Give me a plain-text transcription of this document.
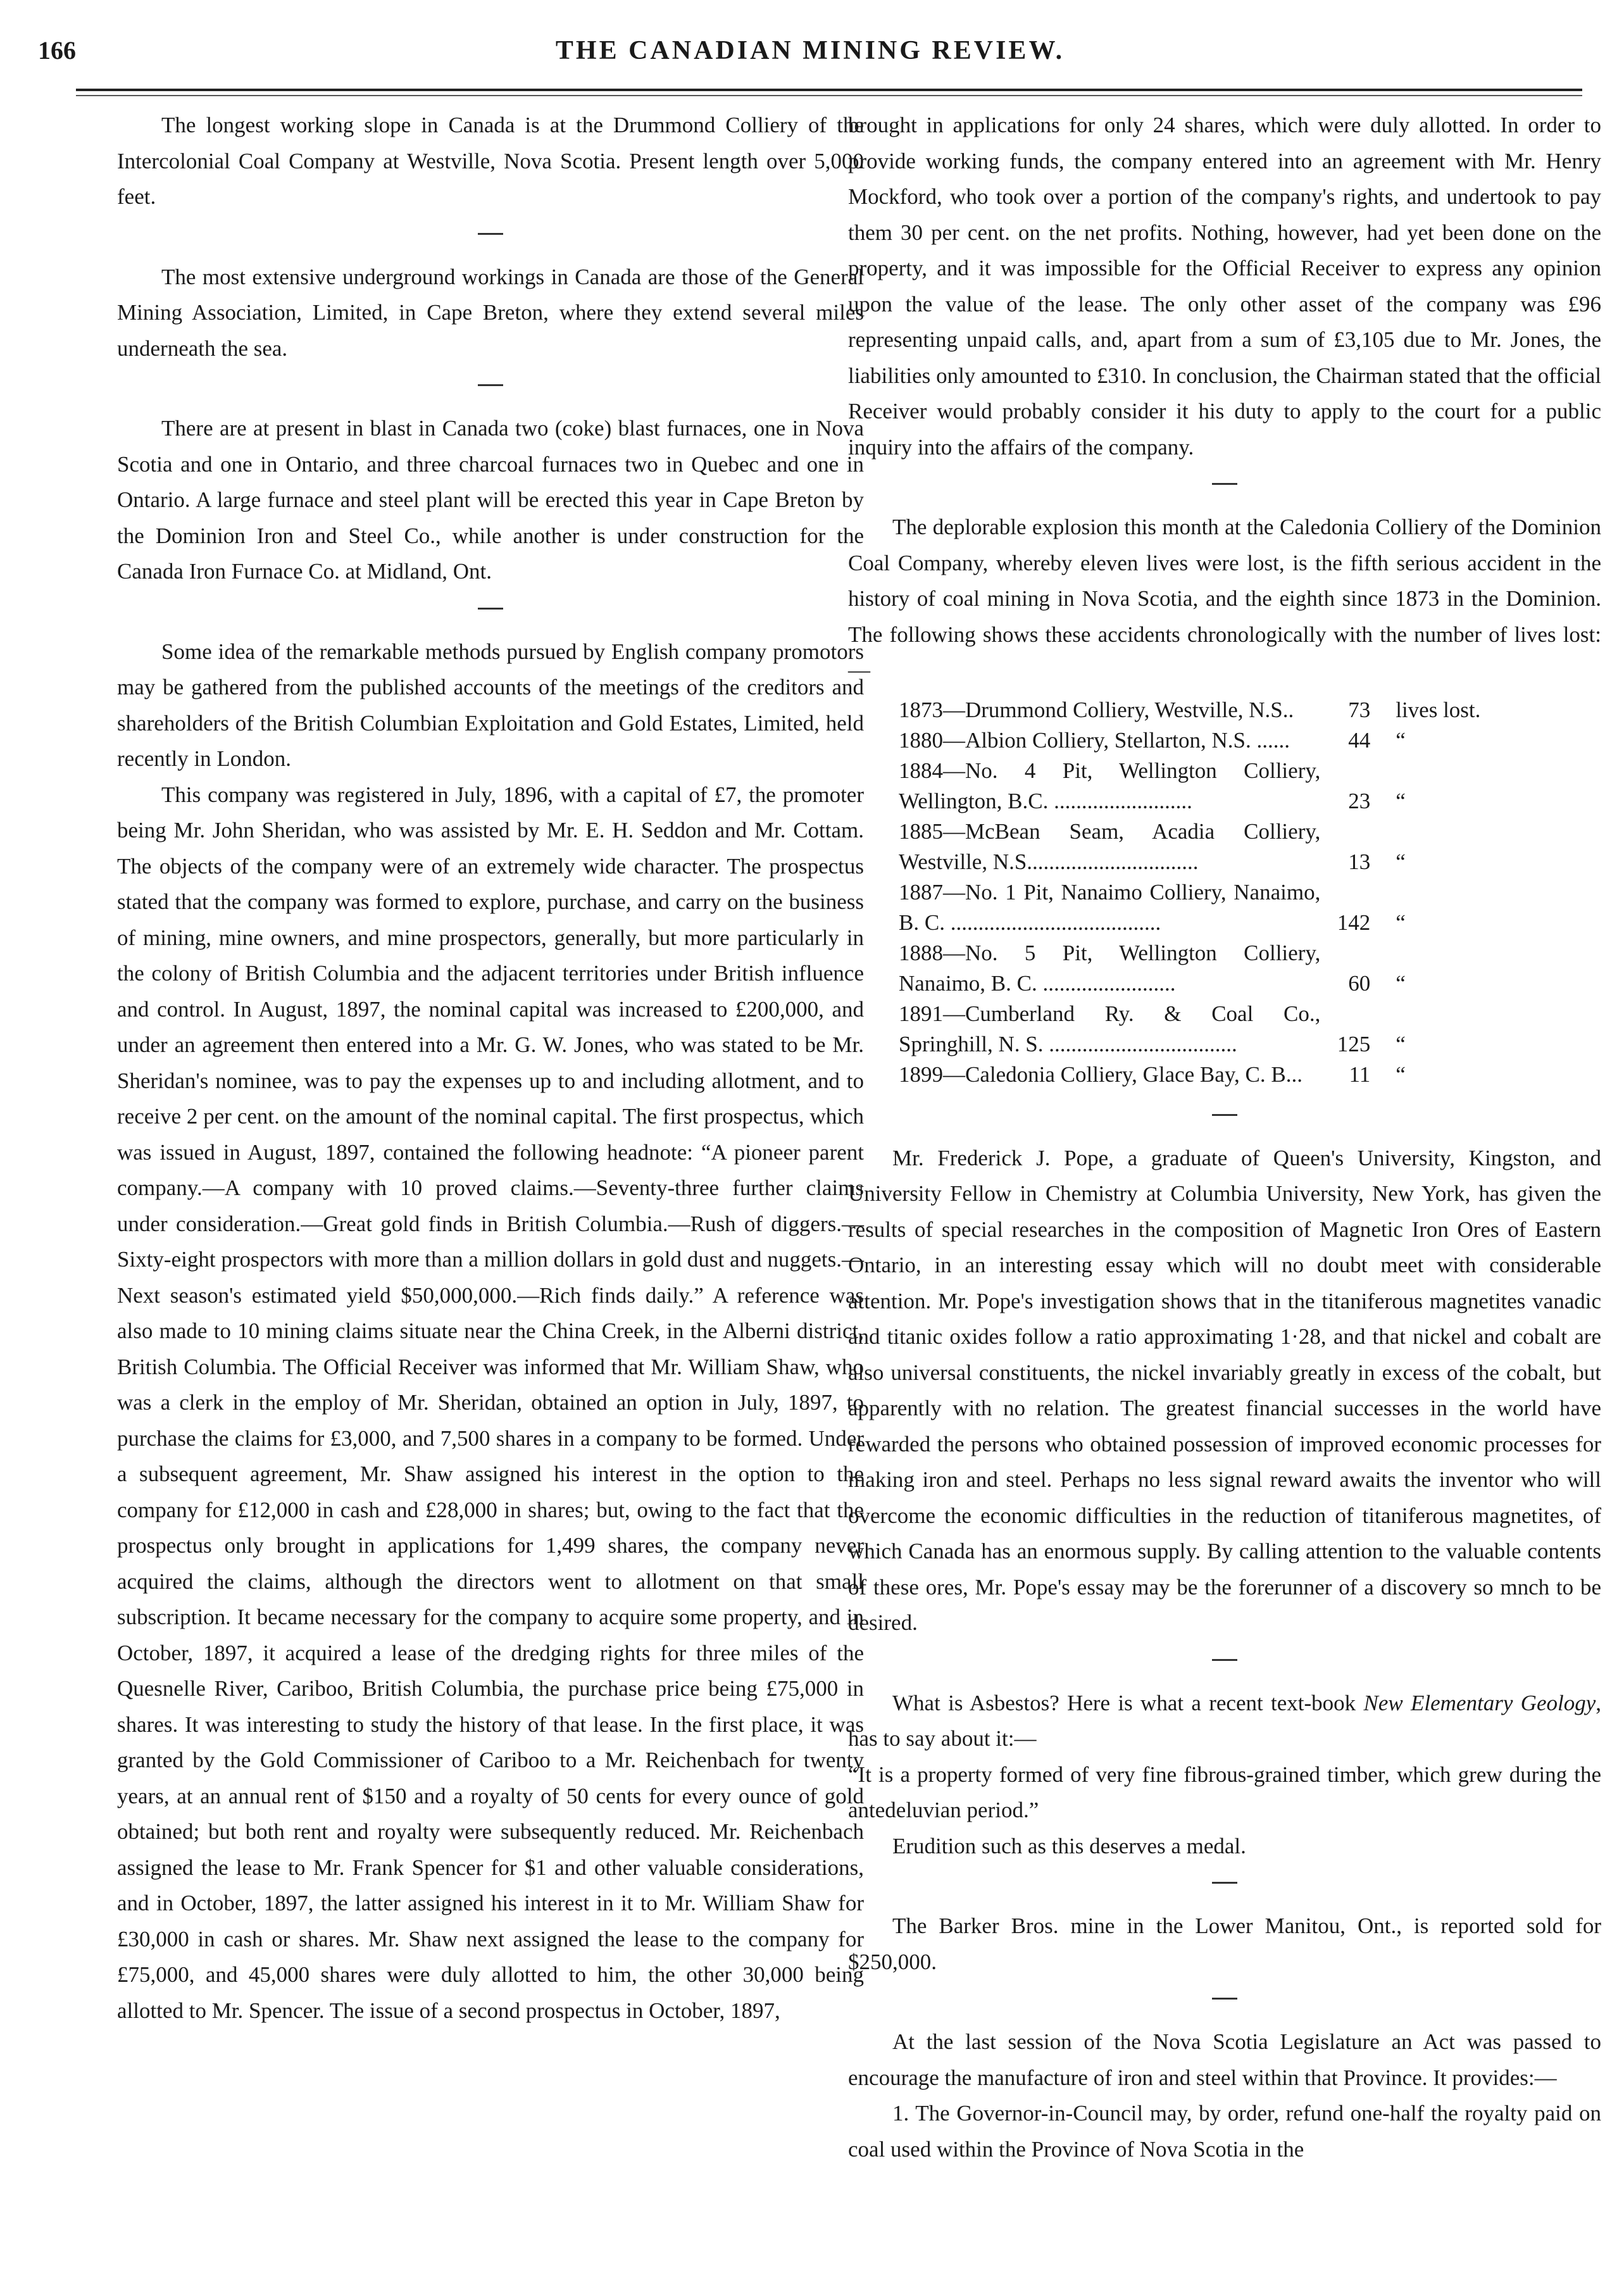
166	THE CANADIAN MINING REVIEW.

The longest working slope in Canada is at the Drummond Colliery of the Intercolonial Coal Company at Westville, Nova Scotia. Present length over 5,000 feet.

The most extensive underground workings in Canada are those of the General Mining Association, Limited, in Cape Breton, where they extend several miles underneath the sea.

There are at present in blast in Canada two (coke) blast furnaces, one in Nova Scotia and one in Ontario, and three charcoal furnaces two in Quebec and one in Ontario. A large furnace and steel plant will be erected this year in Cape Breton by the Dominion Iron and Steel Co., while another is under construction for the Canada Iron Furnace Co. at Midland, Ont.

Some idea of the remarkable methods pursued by English company promotors may be gathered from the published accounts of the meetings of the creditors and shareholders of the British Columbian Exploitation and Gold Estates, Limited, held recently in London.

This company was registered in July, 1896, with a capital of £7, the promoter being Mr. John Sheridan, who was assisted by Mr. E. H. Seddon and Mr. Cottam. The objects of the company were of an extremely wide character. The prospectus stated that the company was formed to explore, purchase, and carry on the business of mining, mine owners, and mine prospectors, generally, but more particularly in the colony of British Columbia and the adjacent territories under British influence and control. In August, 1897, the nominal capital was increased to £200,000, and under an agreement then entered into a Mr. G. W. Jones, who was stated to be Mr. Sheridan's nominee, was to pay the expenses up to and including allotment, and to receive 2 per cent. on the amount of the nominal capital. The first prospectus, which was issued in August, 1897, contained the following headnote: “A pioneer parent company.—A company with 10 proved claims.—Seventy-three further claims under consideration.—Great gold finds in British Columbia.—Rush of diggers.—Sixty-eight prospectors with more than a million dollars in gold dust and nuggets.—Next season's estimated yield $50,000,000.—Rich finds daily.” A reference was also made to 10 mining claims situate near the China Creek, in the Alberni district, British Columbia. The Official Receiver was informed that Mr. William Shaw, who was a clerk in the employ of Mr. Sheridan, obtained an option in July, 1897, to purchase the claims for £3,000, and 7,500 shares in a company to be formed. Under a subsequent agreement, Mr. Shaw assigned his interest in the option to the company for £12,000 in cash and £28,000 in shares; but, owing to the fact that the prospectus only brought in applications for 1,499 shares, the company never acquired the claims, although the directors went to allotment on that small subscription. It became necessary for the company to acquire some property, and in October, 1897, it acquired a lease of the dredging rights for three miles of the Quesnelle River, Cariboo, British Columbia, the purchase price being £75,000 in shares. It was interesting to study the history of that lease. In the first place, it was granted by the Gold Commissioner of Cariboo to a Mr. Reichenbach for twenty years, at an annual rent of $150 and a royalty of 50 cents for every ounce of gold obtained; but both rent and royalty were subsequently reduced. Mr. Reichenbach assigned the lease to Mr. Frank Spencer for $1 and other valuable considerations, and in October, 1897, the latter assigned his interest in it to Mr. William Shaw for £30,000 in cash or shares. Mr. Shaw next assigned the lease to the company for £75,000, and 45,000 shares were duly allotted to him, the other 30,000 being allotted to Mr. Spencer. The issue of a second prospectus in October, 1897,

brought in applications for only 24 shares, which were duly allotted. In order to provide working funds, the company entered into an agreement with Mr. Henry Mockford, who took over a portion of the company's rights, and undertook to pay them 30 per cent. on the net profits. Nothing, however, had yet been done on the property, and it was impossible for the Official Receiver to express any opinion upon the value of the lease. The only other asset of the company was £96 representing unpaid calls, and, apart from a sum of £3,105 due to Mr. Jones, the liabilities only amounted to £310. In conclusion, the Chairman stated that the official Receiver would probably consider it his duty to apply to the court for a public inquiry into the affairs of the company.

The deplorable explosion this month at the Caledonia Colliery of the Dominion Coal Company, whereby eleven lives were lost, is the fifth serious accident in the history of coal mining in Nova Scotia, and the eighth since 1873 in the Dominion. The following shows these accidents chronologically with the number of lives lost:—

1873—Drummond Colliery, Westville, N.S..	73	lives lost.
1880—Albion Colliery, Stellarton, N.S. ......	44	“
1884—No. 4 Pit, Wellington Colliery, Wellington, B.C. .........................	23	“
1885—McBean Seam, Acadia Colliery, Westville, N.S...............................	13	“
1887—No. 1 Pit, Nanaimo Colliery, Nanaimo, B. C. ......................................	142	“
1888—No. 5 Pit, Wellington Colliery, Nanaimo, B. C. ........................	60	“
1891—Cumberland Ry. & Coal Co., Springhill, N. S. ..................................	125	“
1899—Caledonia Colliery, Glace Bay, C. B...	11	“

Mr. Frederick J. Pope, a graduate of Queen's University, Kingston, and University Fellow in Chemistry at Columbia University, New York, has given the results of special researches in the composition of Magnetic Iron Ores of Eastern Ontario, in an interesting essay which will no doubt meet with considerable attention. Mr. Pope's investigation shows that in the titaniferous magnetites vanadic and titanic oxides follow a ratio approximating 1·28, and that nickel and cobalt are also universal constituents, the nickel invariably greatly in excess of the cobalt, but apparently with no relation. The greatest financial successes in the world have rewarded the persons who obtained possession of improved economic processes for making iron and steel. Perhaps no less signal reward awaits the inventor who will overcome the economic difficulties in the reduction of titaniferous magnetites, of which Canada has an enormous supply. By calling attention to the valuable contents of these ores, Mr. Pope's essay may be the forerunner of a discovery so mnch to be desired.

What is Asbestos? Here is what a recent text-book New Elementary Geology, has to say about it:—

“It is a property formed of very fine fibrous-grained timber, which grew during the antedeluvian period.”

Erudition such as this deserves a medal.

The Barker Bros. mine in the Lower Manitou, Ont., is reported sold for $250,000.

At the last session of the Nova Scotia Legislature an Act was passed to encourage the manufacture of iron and steel within that Province. It provides:—

1. The Governor-in-Council may, by order, refund one-half the royalty paid on coal used within the Province of Nova Scotia in the
